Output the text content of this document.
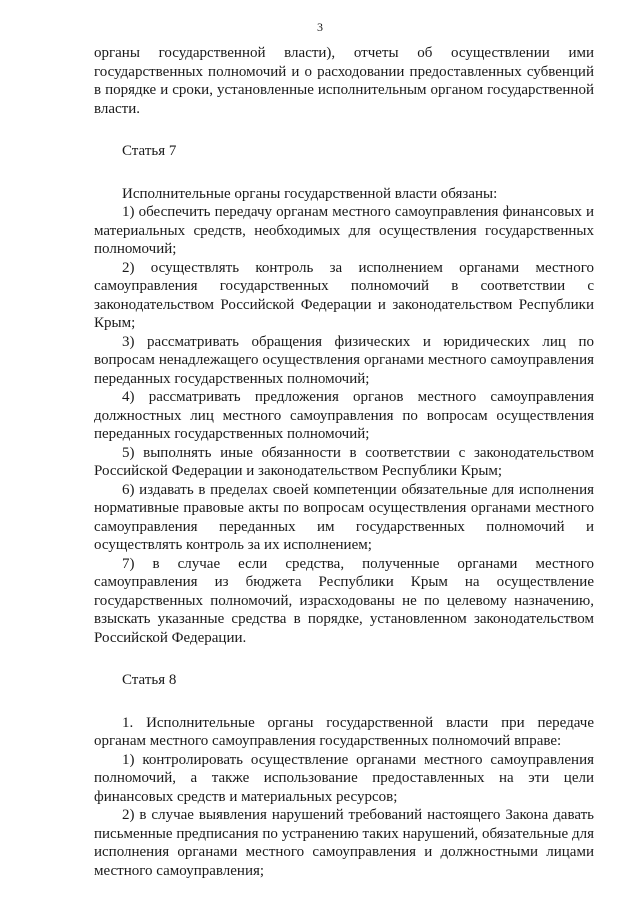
3

органы государственной власти), отчеты об осуществлении ими государственных полномочий и о расходовании предоставленных субвенций в порядке и сроки, установленные исполнительным органом государственной власти.

Статья 7

Исполнительные органы государственной власти обязаны:

1) обеспечить передачу органам местного самоуправления финансовых и материальных средств, необходимых для осуществления государственных полномочий;

2) осуществлять контроль за исполнением органами местного самоуправления государственных полномочий в соответствии с законодательством Российской Федерации и законодательством Республики Крым;

3) рассматривать обращения физических и юридических лиц по вопросам ненадлежащего осуществления органами местного самоуправления переданных государственных полномочий;

4) рассматривать предложения органов местного самоуправления должностных лиц местного самоуправления по вопросам осуществления переданных государственных полномочий;

5) выполнять иные обязанности в соответствии с законодательством Российской Федерации и законодательством Республики Крым;

6) издавать в пределах своей компетенции обязательные для исполнения нормативные правовые акты по вопросам осуществления органами местного самоуправления переданных им государственных полномочий и осуществлять контроль за их исполнением;

7) в случае если средства, полученные органами местного самоуправления из бюджета Республики Крым на осуществление государственных полномочий, израсходованы не по целевому назначению, взыскать указанные средства в порядке, установленном законодательством Российской Федерации.

Статья 8

1. Исполнительные органы государственной власти при передаче органам местного самоуправления государственных полномочий вправе:

1) контролировать осуществление органами местного самоуправления полномочий, а также использование предоставленных на эти цели финансовых средств и материальных ресурсов;

2) в случае выявления нарушений требований настоящего Закона давать письменные предписания по устранению таких нарушений, обязательные для исполнения органами местного самоуправления и должностными лицами местного самоуправления;
